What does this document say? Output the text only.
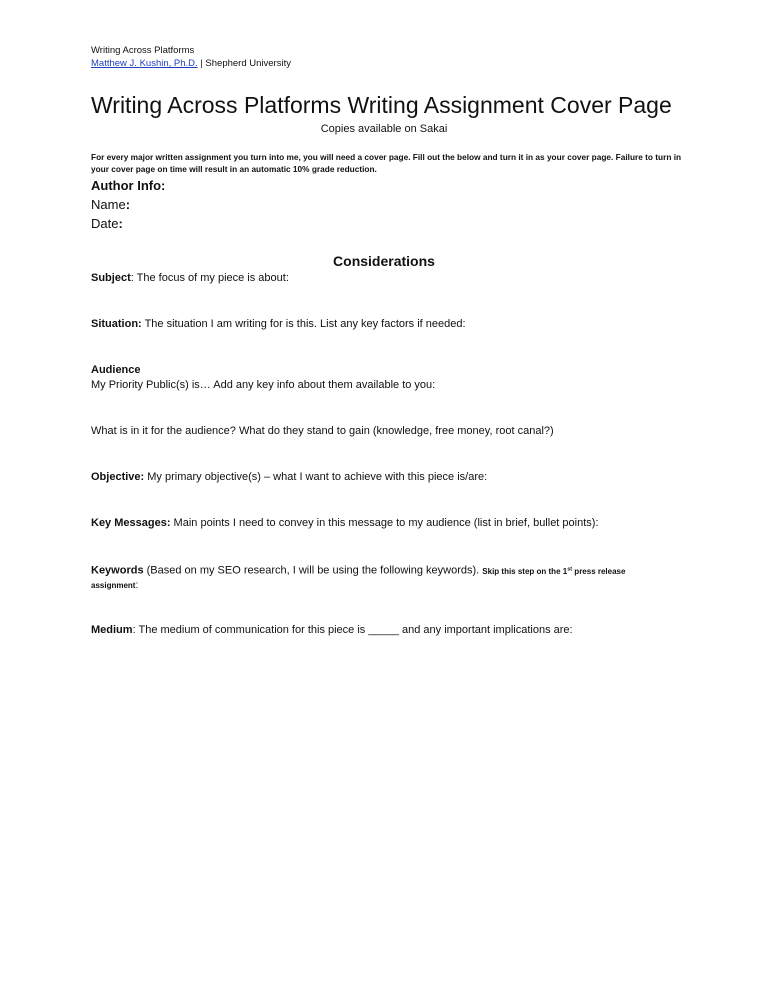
Writing Across Platforms
Matthew J. Kushin, Ph.D. | Shepherd University
Writing Across Platforms Writing Assignment Cover Page
Copies available on Sakai
For every major written assignment you turn into me, you will need a cover page. Fill out the below and turn it in as your cover page. Failure to turn in your cover page on time will result in an automatic 10% grade reduction.
Author Info:
Name:
Date:
Considerations
Subject: The focus of my piece is about:
Situation: The situation I am writing for is this. List any key factors if needed:
Audience
My Priority Public(s) is… Add any key info about them available to you:
What is in it for the audience? What do they stand to gain (knowledge, free money, root canal?)
Objective: My primary objective(s) – what I want to achieve with this piece is/are:
Key Messages: Main points I need to convey in this message to my audience (list in brief, bullet points):
Keywords (Based on my SEO research, I will be using the following keywords). Skip this step on the 1st press release
assignment:
Medium: The medium of communication for this piece is _____ and any important implications are:
